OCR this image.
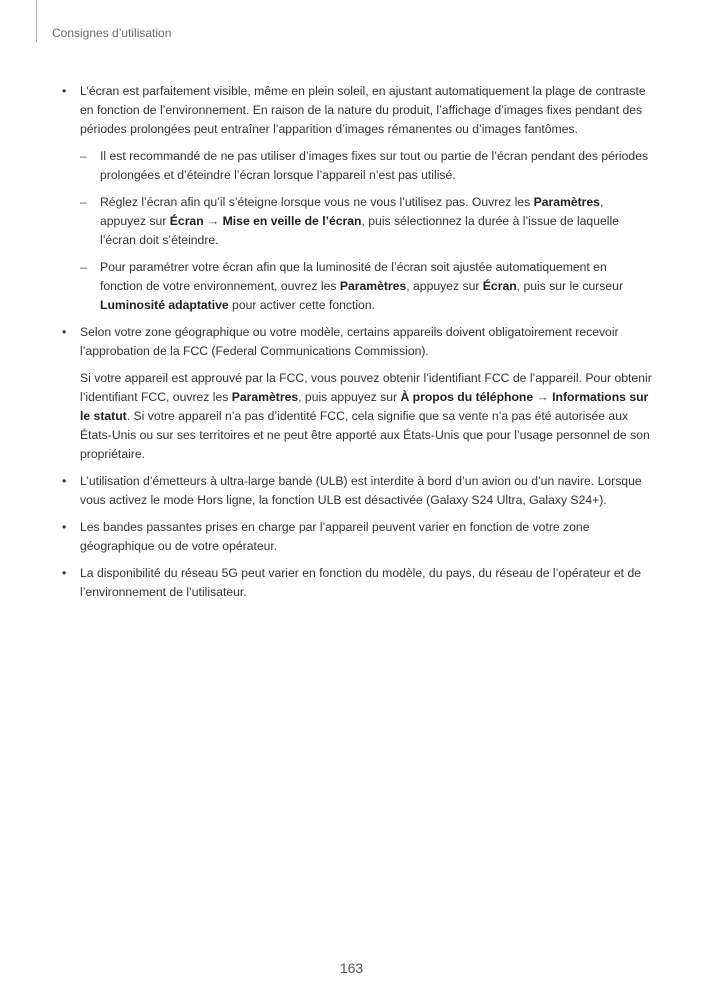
Consignes d’utilisation
• L’écran est parfaitement visible, même en plein soleil, en ajustant automatiquement la plage de contraste en fonction de l’environnement. En raison de la nature du produit, l’affichage d’images fixes pendant des périodes prolongées peut entraîner l’apparition d’images rémanentes ou d’images fantômes.
– Il est recommandé de ne pas utiliser d’images fixes sur tout ou partie de l’écran pendant des périodes prolongées et d’éteindre l’écran lorsque l’appareil n’est pas utilisé.
– Réglez l’écran afin qu’il s’éteigne lorsque vous ne vous l’utilisez pas. Ouvrez les Paramètres, appuyez sur Écran → Mise en veille de l’écran, puis sélectionnez la durée à l’issue de laquelle l’écran doit s’éteindre.
– Pour paramétrer votre écran afin que la luminosité de l’écran soit ajustée automatiquement en fonction de votre environnement, ouvrez les Paramètres, appuyez sur Écran, puis sur le curseur Luminosité adaptative pour activer cette fonction.
• Selon votre zone géographique ou votre modèle, certains appareils doivent obligatoirement recevoir l’approbation de la FCC (Federal Communications Commission).
Si votre appareil est approuvé par la FCC, vous pouvez obtenir l’identifiant FCC de l’appareil. Pour obtenir l’identifiant FCC, ouvrez les Paramètres, puis appuyez sur À propos du téléphone → Informations sur le statut. Si votre appareil n’a pas d’identité FCC, cela signifie que sa vente n’a pas été autorisée aux États-Unis ou sur ses territoires et ne peut être apporté aux États-Unis que pour l’usage personnel de son propriétaire.
• L’utilisation d’émetteurs à ultra-large bande (ULB) est interdite à bord d’un avion ou d’un navire. Lorsque vous activez le mode Hors ligne, la fonction ULB est désactivée (Galaxy S24 Ultra, Galaxy S24+).
• Les bandes passantes prises en charge par l’appareil peuvent varier en fonction de votre zone géographique ou de votre opérateur.
• La disponibilité du réseau 5G peut varier en fonction du modèle, du pays, du réseau de l’opérateur et de l’environnement de l’utilisateur.
163
